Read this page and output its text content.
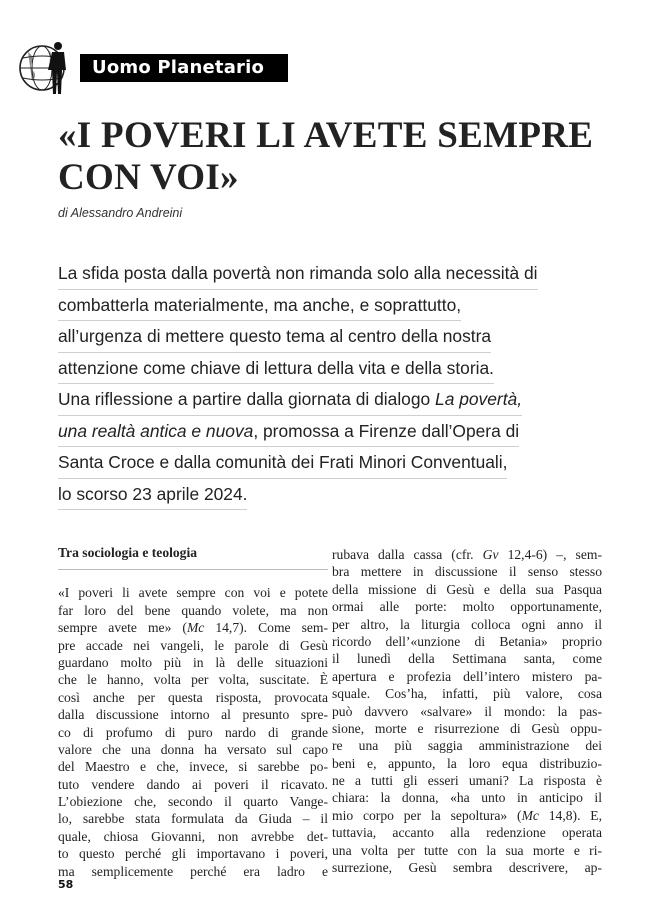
Uomo Planetario
«I POVERI LI AVETE SEMPRE
CON VOI»
di Alessandro Andreini
La sfida posta dalla povertà non rimanda solo alla necessità di
combatterla materialmente, ma anche, e soprattutto,
all’urgenza di mettere questo tema al centro della nostra
attenzione come chiave di lettura della vita e della storia.
Una riflessione a partire dalla giornata di dialogo La povertà,
una realtà antica e nuova, promossa a Firenze dall’Opera di
Santa Croce e dalla comunità dei Frati Minori Conventuali,
lo scorso 23 aprile 2024.
Tra sociologia e teologia
«I poveri li avete sempre con voi e potete
far loro del bene quando volete, ma non
sempre avete me» (Mc 14,7). Come sem-
pre accade nei vangeli, le parole di Gesù
guardano molto più in là delle situazioni
che le hanno, volta per volta, suscitate. È
così anche per questa risposta, provocata
dalla discussione intorno al presunto spre-
co di profumo di puro nardo di grande
valore che una donna ha versato sul capo
del Maestro e che, invece, si sarebbe po-
tuto vendere dando ai poveri il ricavato.
L’obiezione che, secondo il quarto Vange-
lo, sarebbe stata formulata da Giuda – il
quale, chiosa Giovanni, non avrebbe det-
to questo perché gli importavano i poveri,
ma semplicemente perché era ladro e
rubava dalla cassa (cfr. Gv 12,4-6) –, sem-
bra mettere in discussione il senso stesso
della missione di Gesù e della sua Pasqua
ormai alle porte: molto opportunamente,
per altro, la liturgia colloca ogni anno il
ricordo dell’«unzione di Betania» proprio
il lunedì della Settimana santa, come
apertura e profezia dell’intero mistero pa-
squale. Cos’ha, infatti, più valore, cosa
può davvero «salvare» il mondo: la pas-
sione, morte e risurrezione di Gesù oppu-
re una più saggia amministrazione dei
beni e, appunto, la loro equa distribuzio-
ne a tutti gli esseri umani? La risposta è
chiara: la donna, «ha unto in anticipo il
mio corpo per la sepoltura» (Mc 14,8). E,
tuttavia, accanto alla redenzione operata
una volta per tutte con la sua morte e ri-
surrezione, Gesù sembra descrivere, ap-
58
